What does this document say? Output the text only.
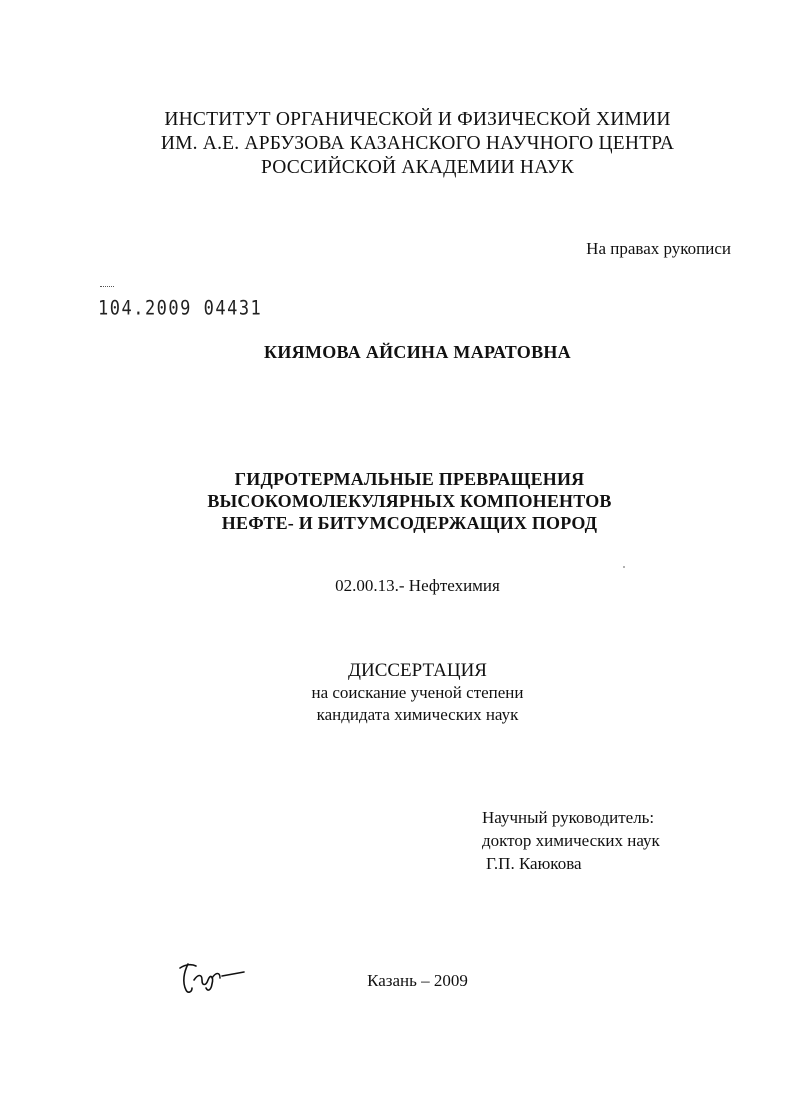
ИНСТИТУТ ОРГАНИЧЕСКОЙ И ФИЗИЧЕСКОЙ ХИМИИ
ИМ. А.Е. АРБУЗОВА КАЗАНСКОГО НАУЧНОГО ЦЕНТРА
РОССИЙСКОЙ АКАДЕМИИ НАУК
На правах рукописи
104.2009 04431
КИЯМОВА АЙСИНА МАРАТОВНА
ГИДРОТЕРМАЛЬНЫЕ ПРЕВРАЩЕНИЯ
ВЫСОКОМОЛЕКУЛЯРНЫХ КОМПОНЕНТОВ
НЕФТЕ- И БИТУМСОДЕРЖАЩИХ ПОРОД
02.00.13.- Нефтехимия
ДИССЕРТАЦИЯ
на соискание ученой степени
кандидата химических наук
Научный руководитель:
доктор химических наук
Г.П. Каюкова
Казань – 2009
